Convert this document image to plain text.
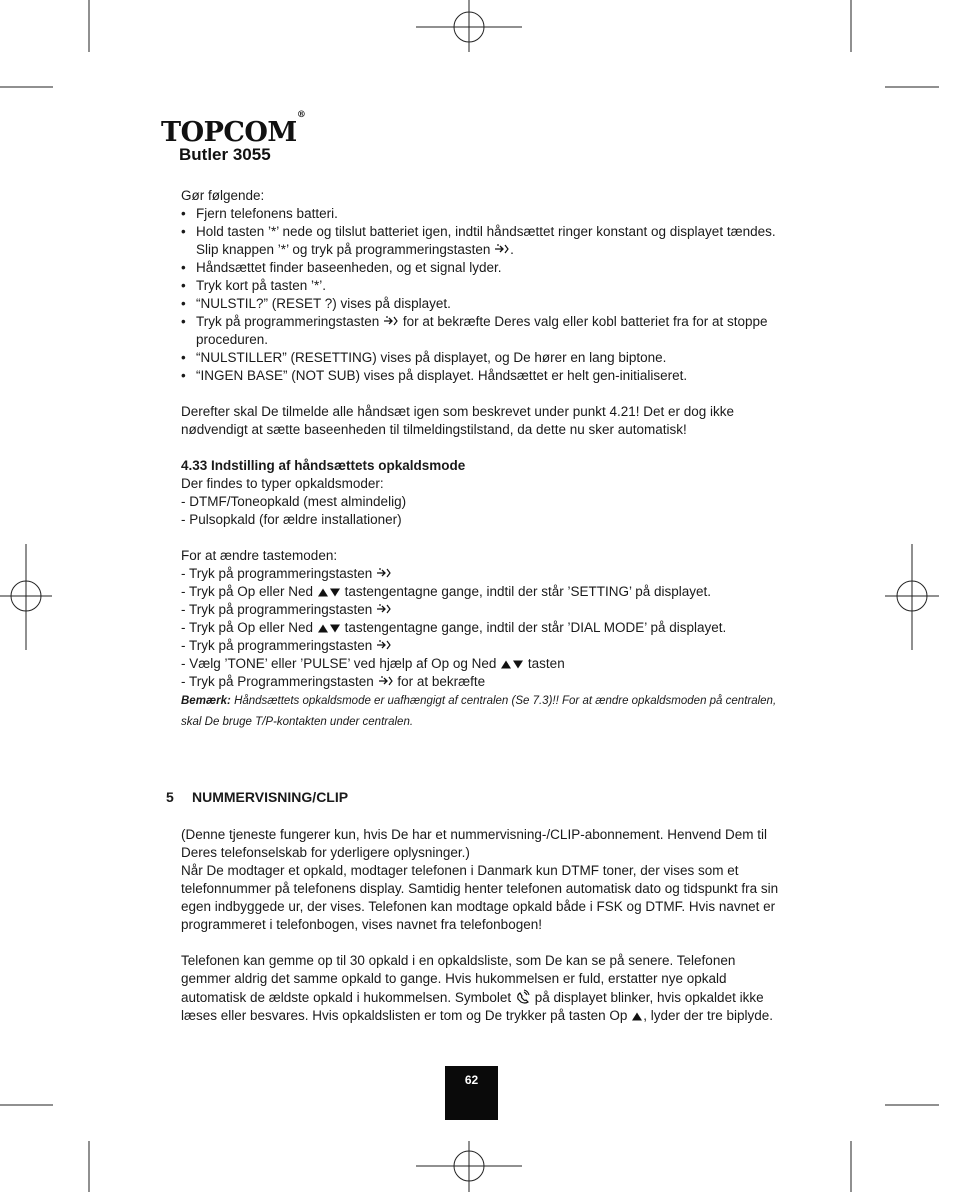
TOPCOM®
Butler 3055

Gør følgende:

• Fjern telefonens batteri.
• Hold tasten ’*’ nede og tilslut batteriet igen, indtil håndsættet ringer konstant og displayet tændes. Slip knappen ’*’ og tryk på programmeringstasten .
• Håndsættet finder baseenheden, og et signal lyder.
• Tryk kort på tasten ’*’.
• “NULSTIL?” (RESET ?) vises på displayet.
• Tryk på programmeringstasten for at bekræfte Deres valg eller kobl batteriet fra for at stoppe proceduren.
• “NULSTILLER” (RESETTING) vises på displayet, og De hører en lang biptone.
• “INGEN BASE” (NOT SUB) vises på displayet. Håndsættet er helt gen-initialiseret.

Derefter skal De tilmelde alle håndsæt igen som beskrevet under punkt 4.21! Det er dog ikke nødvendigt at sætte baseenheden til tilmeldingstilstand, da dette nu sker automatisk!

4.33 Indstilling af håndsættets opkaldsmode

Der findes to typer opkaldsmoder:

- DTMF/Toneopkald (mest almindelig)

- Pulsopkald (for ældre installationer)

For at ændre tastemoden:

- Tryk på programmeringstasten

- Tryk på Op eller Ned tastengentagne gange, indtil der står ’SETTING’ på displayet.

- Tryk på programmeringstasten

- Tryk på Op eller Ned tastengentagne gange, indtil der står ’DIAL MODE’ på displayet.

- Tryk på programmeringstasten

- Vælg ’TONE’ eller ’PULSE’ ved hjælp af Op og Ned tasten

- Tryk på Programmeringstasten for at bekræfte

Bemærk: Håndsættets opkaldsmode er uafhængigt af centralen (Se 7.3)!! For at ændre opkaldsmoden på centralen, skal De bruge T/P-kontakten under centralen.

5 NUMMERVISNING/CLIP

(Denne tjeneste fungerer kun, hvis De har et nummervisning-/CLIP-abonnement. Henvend Dem til Deres telefonselskab for yderligere oplysninger.)

Når De modtager et opkald, modtager telefonen i Danmark kun DTMF toner, der vises som et telefonnummer på telefonens display. Samtidig henter telefonen automatisk dato og tidspunkt fra sin egen indbyggede ur, der vises. Telefonen kan modtage opkald både i FSK og DTMF. Hvis navnet er programmeret i telefonbogen, vises navnet fra telefonbogen!

Telefonen kan gemme op til 30 opkald i en opkaldsliste, som De kan se på senere. Telefonen gemmer aldrig det samme opkald to gange. Hvis hukommelsen er fuld, erstatter nye opkald automatisk de ældste opkald i hukommelsen. Symbolet på displayet blinker, hvis opkaldet ikke læses eller besvares. Hvis opkaldslisten er tom og De trykker på tasten Op , lyder der tre biplyde.

62
